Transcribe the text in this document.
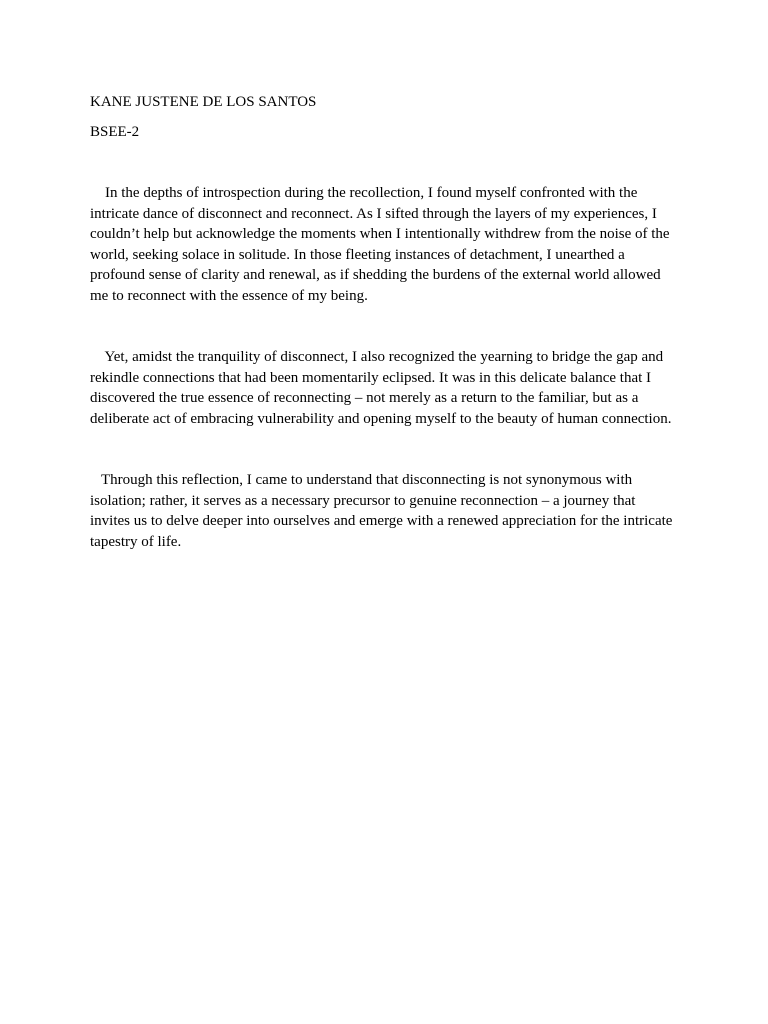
KANE JUSTENE DE LOS SANTOS

BSEE-2

In the depths of introspection during the recollection, I found myself confronted with the
intricate dance of disconnect and reconnect. As I sifted through the layers of my experiences, I
couldn’t help but acknowledge the moments when I intentionally withdrew from the noise of the
world, seeking solace in solitude. In those fleeting instances of detachment, I unearthed a
profound sense of clarity and renewal, as if shedding the burdens of the external world allowed
me to reconnect with the essence of my being.

Yet, amidst the tranquility of disconnect, I also recognized the yearning to bridge the gap and
rekindle connections that had been momentarily eclipsed. It was in this delicate balance that I
discovered the true essence of reconnecting – not merely as a return to the familiar, but as a
deliberate act of embracing vulnerability and opening myself to the beauty of human connection.

Through this reflection, I came to understand that disconnecting is not synonymous with
isolation; rather, it serves as a necessary precursor to genuine reconnection – a journey that
invites us to delve deeper into ourselves and emerge with a renewed appreciation for the intricate
tapestry of life.
